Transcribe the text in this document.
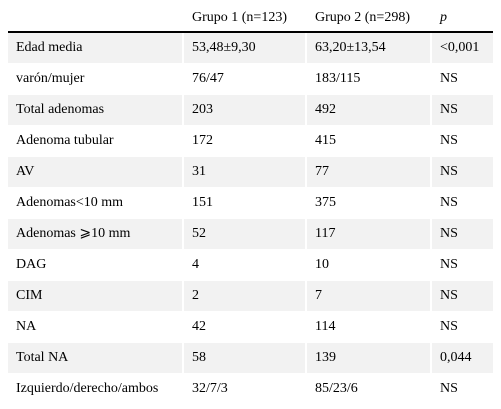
	Grupo 1 (n=123)	Grupo 2 (n=298)	p
Edad media	53,48±9,30	63,20±13,54	<0,001
varón/mujer	76/47	183/115	NS
Total adenomas	203	492	NS
Adenoma tubular	172	415	NS
AV	31	77	NS
Adenomas<10 mm	151	375	NS
Adenomas ⩾10 mm	52	117	NS
DAG	4	10	NS
CIM	2	7	NS
NA	42	114	NS
Total NA	58	139	0,044
Izquierdo/derecho/ambos	32/7/3	85/23/6	NS
